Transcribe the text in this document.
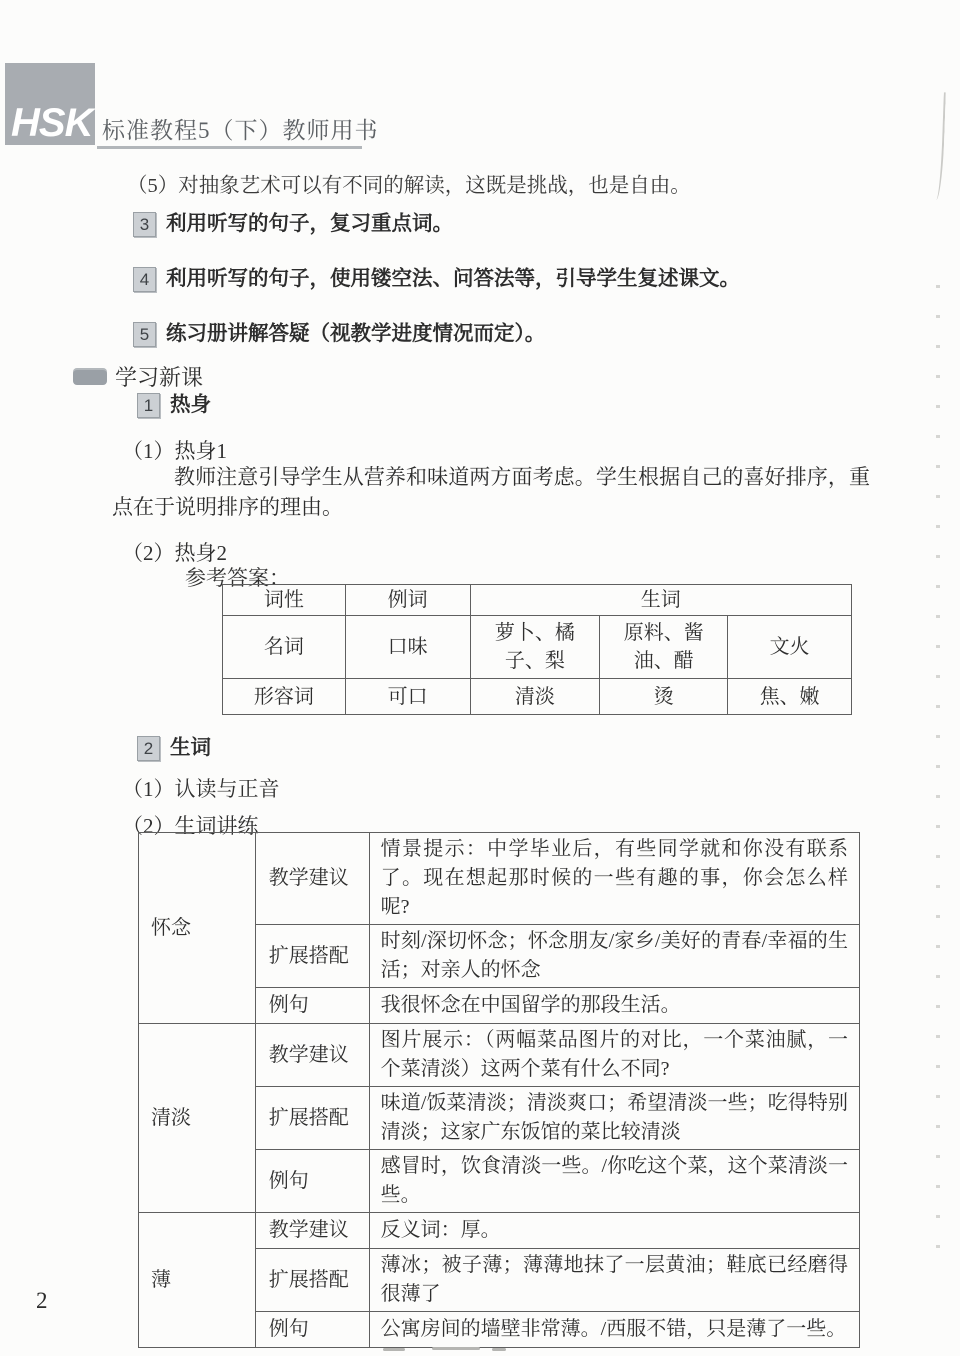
HSK 标准教程5（下）教师用书
（5）对抽象艺术可以有不同的解读，这既是挑战，也是自由。
3 利用听写的句子，复习重点词。
4 利用听写的句子，使用镂空法、问答法等，引导学生复述课文。
5 练习册讲解答疑（视教学进度情况而定）。
学习新课
1 热身
（1）热身1
教师注意引导学生从营养和味道两方面考虑。学生根据自己的喜好排序，重点在于说明排序的理由。
（2）热身2
参考答案：
词性	例词	生词		
名词	口味	萝卜、橘子、梨	原料、酱油、醋	文火
形容词	可口	清淡	烫	焦、嫩
2 生词
（1）认读与正音
（2）生词讲练
怀念	教学建议	情景提示：中学毕业后，有些同学就和你没有联系了。现在想起那时候的一些有趣的事，你会怎么样呢?
	扩展搭配	时刻/深切怀念；怀念朋友/家乡/美好的青春/幸福的生活；对亲人的怀念
	例句	我很怀念在中国留学的那段生活。
清淡	教学建议	图片展示：（两幅菜品图片的对比，一个菜油腻，一个菜清淡）这两个菜有什么不同?
	扩展搭配	味道/饭菜清淡；清淡爽口；希望清淡一些；吃得特别清淡；这家广东饭馆的菜比较清淡
	例句	感冒时，饮食清淡一些。/你吃这个菜，这个菜清淡一些。
薄	教学建议	反义词：厚。
	扩展搭配	薄冰；被子薄；薄薄地抹了一层黄油；鞋底已经磨得很薄了
	例句	公寓房间的墙壁非常薄。/西服不错，只是薄了一些。
2
